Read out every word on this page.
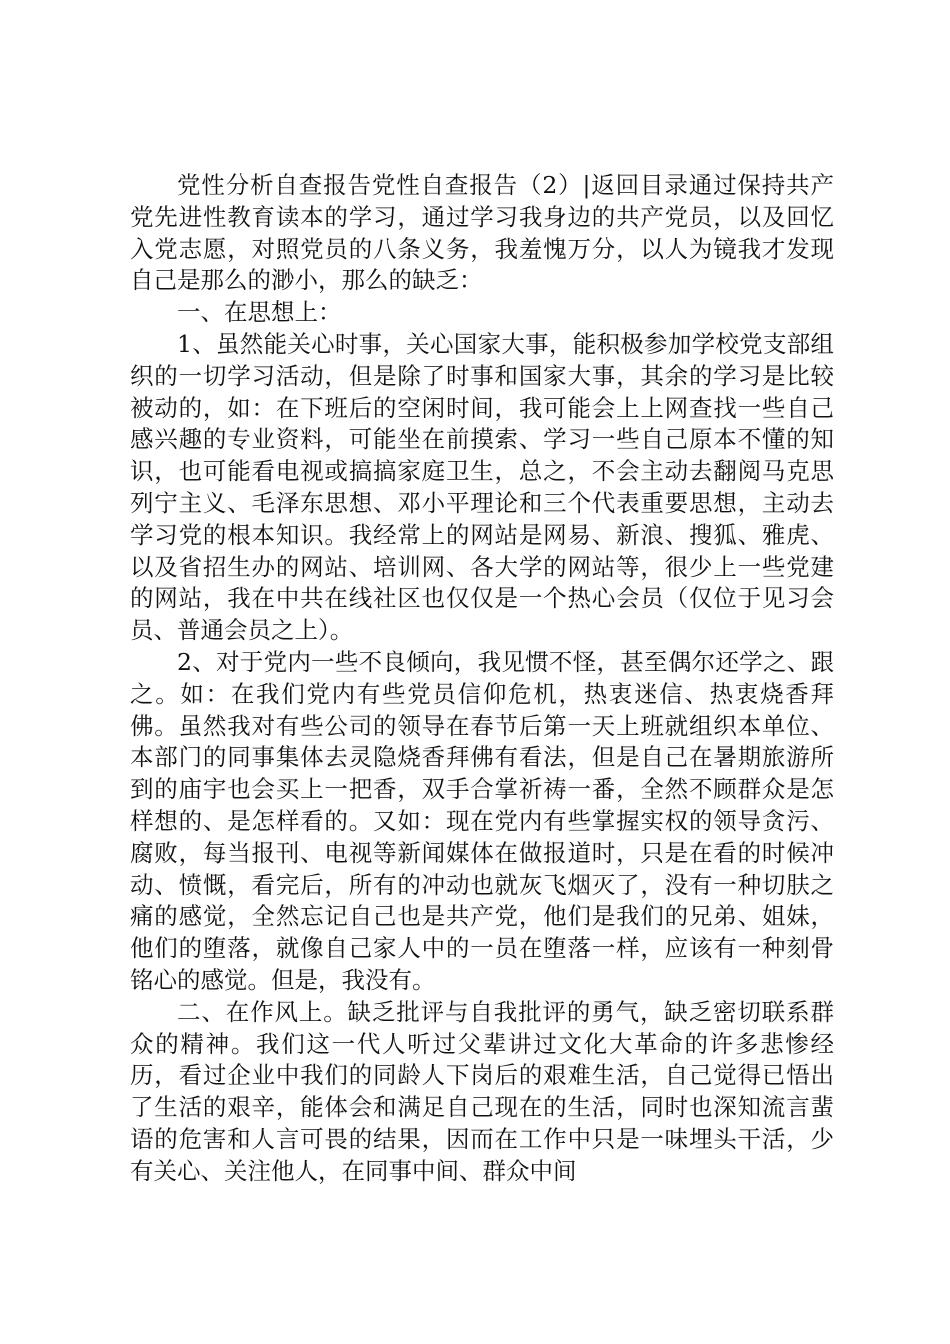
党性分析自查报告党性自查报告（2）|返回目录通过保持共产党先进性教育读本的学习，通过学习我身边的共产党员，以及回忆入党志愿，对照党员的八条义务，我羞愧万分，以人为镜我才发现自己是那么的渺小，那么的缺乏：

一、在思想上：

1、虽然能关心时事，关心国家大事，能积极参加学校党支部组织的一切学习活动，但是除了时事和国家大事，其余的学习是比较被动的，如：在下班后的空闲时间，我可能会上上网查找一些自己感兴趣的专业资料，可能坐在前摸索、学习一些自己原本不懂的知识，也可能看电视或搞搞家庭卫生，总之，不会主动去翻阅马克思列宁主义、毛泽东思想、邓小平理论和三个代表重要思想，主动去学习党的根本知识。我经常上的网站是网易、新浪、搜狐、雅虎、以及省招生办的网站、培训网、各大学的网站等，很少上一些党建的网站，我在中共在线社区也仅仅是一个热心会员（仅位于见习会员、普通会员之上）。

2、对于党内一些不良倾向，我见惯不怪，甚至偶尔还学之、跟之。如：在我们党内有些党员信仰危机，热衷迷信、热衷烧香拜佛。虽然我对有些公司的领导在春节后第一天上班就组织本单位、本部门的同事集体去灵隐烧香拜佛有看法，但是自己在暑期旅游所到的庙宇也会买上一把香，双手合掌祈祷一番，全然不顾群众是怎样想的、是怎样看的。又如：现在党内有些掌握实权的领导贪污、腐败，每当报刊、电视等新闻媒体在做报道时，只是在看的时候冲动、愤慨，看完后，所有的冲动也就灰飞烟灭了，没有一种切肤之痛的感觉，全然忘记自己也是共产党，他们是我们的兄弟、姐妹，他们的堕落，就像自己家人中的一员在堕落一样，应该有一种刻骨铭心的感觉。但是，我没有。

二、在作风上。缺乏批评与自我批评的勇气，缺乏密切联系群众的精神。我们这一代人听过父辈讲过文化大革命的许多悲惨经历，看过企业中我们的同龄人下岗后的艰难生活，自己觉得已悟出了生活的艰辛，能体会和满足自己现在的生活，同时也深知流言蜚语的危害和人言可畏的结果，因而在工作中只是一味埋头干活，少有关心、关注他人，在同事中间、群众中间
